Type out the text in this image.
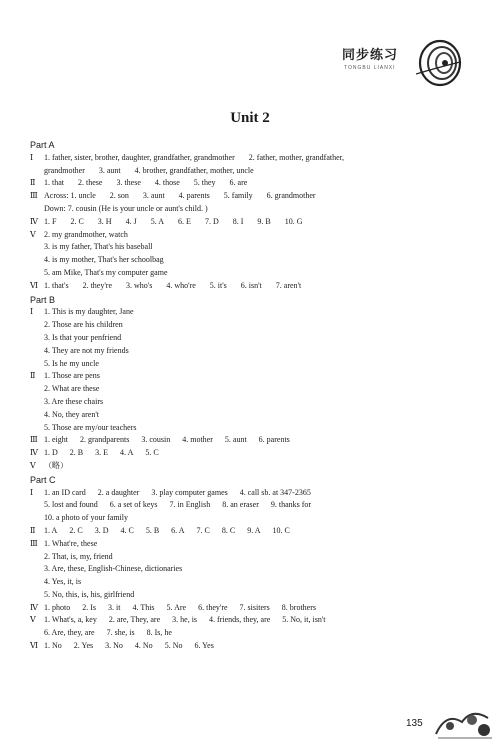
同步练习
TONGBU LIANXI
Unit 2
Part A
Ⅰ	1. father, sister, brother, daughter, grandfather, grandmother 2. father, mother, grandfather,
grandmother 3. aunt 4. brother, grandfather, mother, uncle
Ⅱ	1. that 2. these 3. these 4. those 5. they 6. are
Ⅲ Across: 1. uncle 2. son 3. aunt 4. parents 5. family 6. grandmother
Down: 7. cousin (He is your uncle or aunt's child. )
Ⅳ 1. F 2. C 3. H 4. J 5. A 6. E 7. D 8. I 9. B 10. G
Ⅴ	2. my grandmother, watch
3. is my father, That's his baseball
4. is my mother, That's her schoolbag
5. am Mike, That's my computer game
Ⅵ 1. that's 2. they're 3. who's 4. who're 5. it's 6. isn't 7. aren't
Part B
Ⅰ	1. This is my daughter, Jane
2. Those are his children
3. Is that your penfriend
4. They are not my friends
5. Is he my uncle
Ⅱ	1. Those are pens
2. What are these
3. Are these chairs
4. No, they aren't
5. Those are my/our teachers
Ⅲ 1. eight 2. grandparents 3. cousin 4. mother 5. aunt 6. parents
Ⅳ 1. D 2. B 3. E 4. A 5. C
Ⅴ	（略）
Part C
Ⅰ	1. an ID card 2. a daughter 3. play computer games 4. call sb. at 347-2365
5. lost and found 6. a set of keys 7. in English 8. an eraser 9. thanks for
10. a photo of your family
Ⅱ	1. A 2. C 3. D 4. C 5. B 6. A 7. C 8. C 9. A 10. C
Ⅲ 1. What're, these
2. That, is, my, friend
3. Are, these, English-Chinese, dictionaries
4. Yes, it, is
5. No, this, is, his, girlfriend
Ⅳ 1. photo 2. Is 3. it 4. This 5. Are 6. they're 7. sisiters 8. brothers
Ⅴ	1. What's, a, key 2. are, They, are 3. he, is 4. friends, they, are 5. No, it, isn't
6. Are, they, are 7. she, is 8. Is, he
Ⅵ 1. No 2. Yes 3. No 4. No 5. No 6. Yes
135
